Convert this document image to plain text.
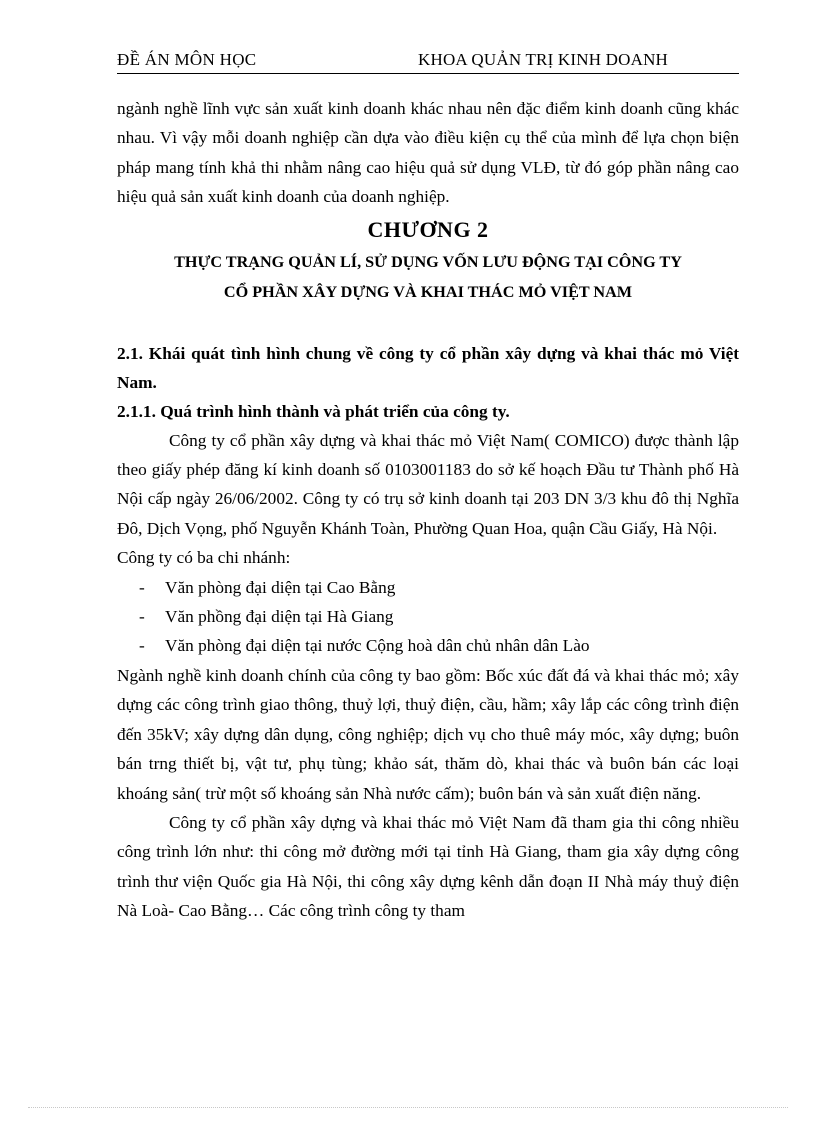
ĐỀ ÁN MÔN HỌC	KHOA QUẢN TRỊ KINH DOANH

ngành nghề lĩnh vực sản xuất kinh doanh khác nhau nên đặc điểm kinh doanh cũng khác nhau. Vì vậy mỗi doanh nghiệp cần dựa vào điều kiện cụ thể của mình để lựa chọn biện pháp mang tính khả thi nhằm nâng cao hiệu quả sử dụng VLĐ, từ đó góp phần nâng cao hiệu quả sản xuất kinh doanh của doanh nghiệp.

CHƯƠNG 2
THỰC TRẠNG QUẢN LÍ, SỬ DỤNG VỐN LƯU ĐỘNG TẠI CÔNG TY
CỔ PHẦN XÂY DỰNG VÀ KHAI THÁC MỎ VIỆT NAM

2.1. Khái quát tình hình chung về công ty cổ phần xây dựng và khai thác mỏ Việt Nam.

2.1.1. Quá trình hình thành và phát triển của công ty.

Công ty cổ phần xây dựng và khai thác mỏ Việt Nam( COMICO) được thành lập theo giấy phép đăng kí kinh doanh số 0103001183 do sở kế hoạch Đầu tư Thành phố Hà Nội cấp ngày 26/06/2002. Công ty có trụ sở kinh doanh tại 203 DN 3/3 khu đô thị Nghĩa Đô, Dịch Vọng, phố Nguyễn Khánh Toàn, Phường Quan Hoa, quận Cầu Giấy, Hà Nội.

Công ty có ba chi nhánh:

- Văn phòng đại diện tại Cao Bằng
- Văn phồng đại diện tại Hà Giang
- Văn phòng đại diện tại nước Cộng hoà dân chủ nhân dân Lào

Ngành nghề kinh doanh chính của công ty bao gồm: Bốc xúc đất đá và khai thác mỏ; xây dựng các công trình giao thông, thuỷ lợi, thuỷ điện, cầu, hầm; xây lắp các công trình điện đến 35kV; xây dựng dân dụng, công nghiệp; dịch vụ cho thuê máy móc, xây dựng; buôn bán trng thiết bị, vật tư, phụ tùng; khảo sát, thăm dò, khai thác và buôn bán các loại khoáng sản( trừ một số khoáng sản Nhà nước cấm); buôn bán và sản xuất điện năng.

Công ty cổ phần xây dựng và khai thác mỏ Việt Nam đã tham gia thi công nhiều công trình lớn như: thi công mở đường mới tại tỉnh Hà Giang, tham gia xây dựng công trình thư viện Quốc gia Hà Nội, thi công xây dựng kênh dẫn đoạn II Nhà máy thuỷ điện Nà Loà- Cao Bằng… Các công trình công ty tham
